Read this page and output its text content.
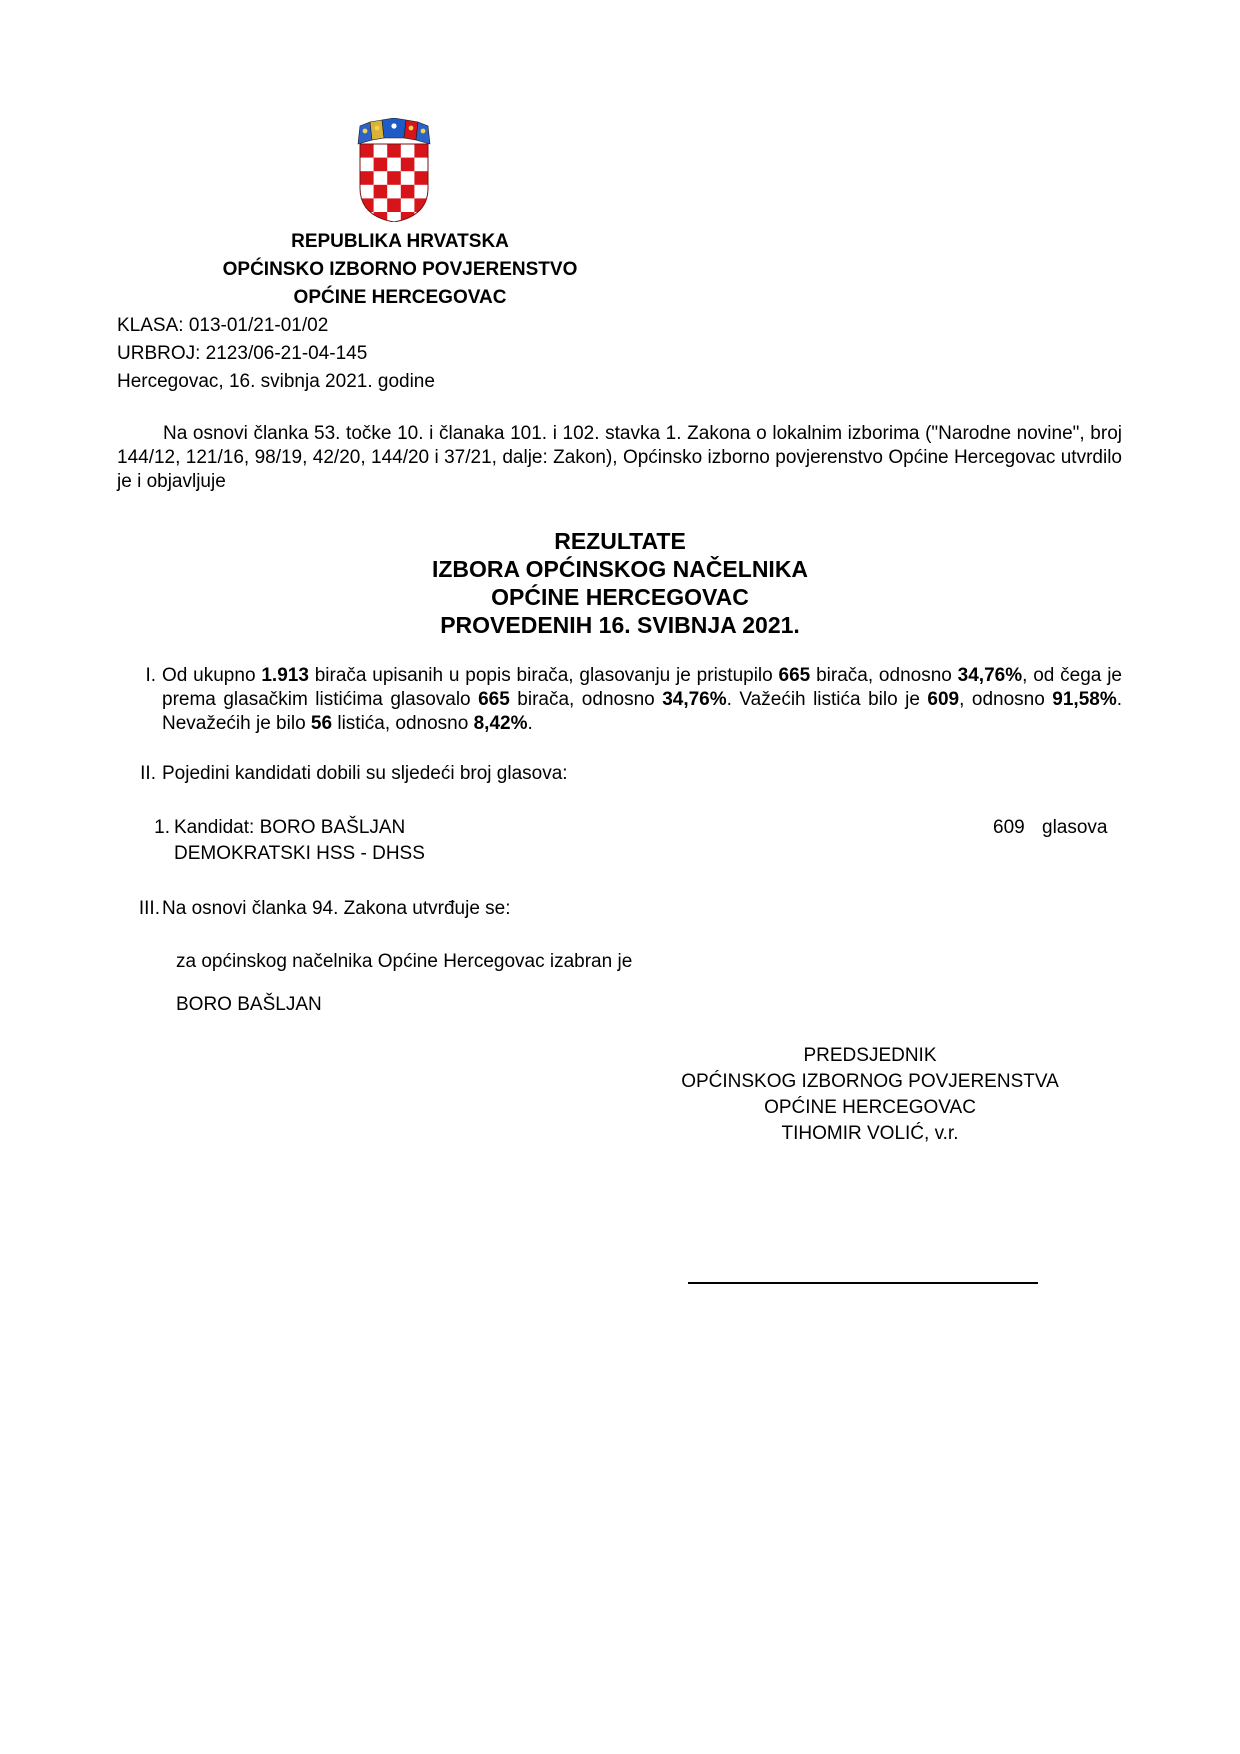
REPUBLIKA HRVATSKA
OPĆINSKO IZBORNO POVJERENSTVO
OPĆINE HERCEGOVAC
KLASA: 013-01/21-01/02
URBROJ: 2123/06-21-04-145
Hercegovac, 16. svibnja 2021. godine
Na osnovi članka 53. točke 10. i članaka 101. i 102. stavka 1. Zakona o lokalnim izborima ("Narodne novine", broj 144/12, 121/16, 98/19, 42/20, 144/20 i 37/21, dalje: Zakon), Općinsko izborno povjerenstvo Općine Hercegovac utvrdilo je i objavljuje
REZULTATE
IZBORA OPĆINSKOG NAČELNIKA
OPĆINE HERCEGOVAC
PROVEDENIH 16. SVIBNJA 2021.
I. Od ukupno 1.913 birača upisanih u popis birača, glasovanju je pristupilo 665 birača, odnosno 34,76%, od čega je prema glasačkim listićima glasovalo 665 birača, odnosno 34,76%. Važećih listića bilo je 609, odnosno 91,58%. Nevažećih je bilo 56 listića, odnosno 8,42%.
II. Pojedini kandidati dobili su sljedeći broj glasova:
1. Kandidat: BORO BAŠLJAN
DEMOKRATSKI HSS - DHSS
609 glasova
III. Na osnovi članka 94. Zakona utvrđuje se:
za općinskog načelnika Općine Hercegovac izabran je
BORO BAŠLJAN
PREDSJEDNIK
OPĆINSKOG IZBORNOG POVJERENSTVA
OPĆINE HERCEGOVAC
TIHOMIR VOLIĆ, v.r.
